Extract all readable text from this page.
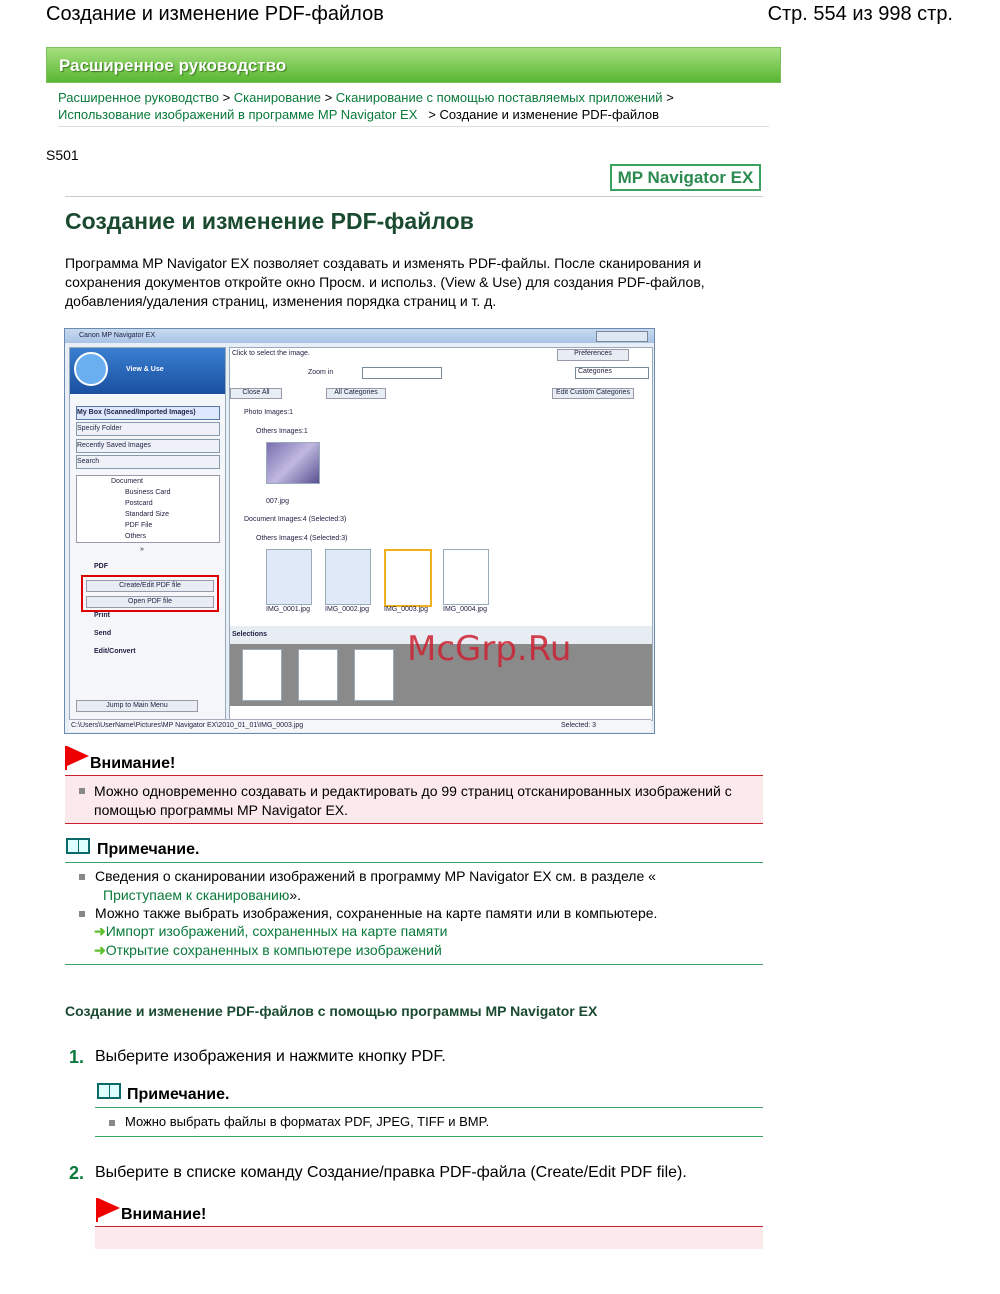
Создание и изменение PDF-файлов	Стр. 554 из 998 стр.
Расширенное руководство
Расширенное руководство > Сканирование > Сканирование с помощью поставляемых приложений >
Использование изображений в программе MP Navigator EX > Создание и изменение PDF-файлов
S501
MP Navigator EX
Создание и изменение PDF-файлов
Программа MP Navigator EX позволяет создавать и изменять PDF-файлы. После сканирования и сохранения документов откройте окно Просм. и использ. (View & Use) для создания PDF-файлов, добавления/удаления страниц, изменения порядка страниц и т. д.
Canon MP Navigator EX
View & Use
My Box (Scanned/Imported Images)
Specify Folder
Recently Saved Images
Search
Document
Business Card
Postcard
Standard Size
PDF File
Others
»
PDF
Create/Edit PDF file
Open PDF file
Print
Send
Edit/Convert
Jump to Main Menu
Click to select the image.	Preferences
Zoom in	Categories
Close All	All Categories	Edit Custom Categories
Photo Images:1
Others Images:1
007.jpg
Document Images:4 (Selected:3)
Others Images:4 (Selected:3)
IMG_0001.jpg IMG_0002.jpg IMG_0003.jpg IMG_0004.jpg
Selections
C:\Users\UserName\Pictures\MP Navigator EX\2010_01_01\IMG_0003.jpg	Selected: 3
McGrp.Ru
Внимание!
Можно одновременно создавать и редактировать до 99 страниц отсканированных изображений с помощью программы MP Navigator EX.
Примечание.
Сведения о сканировании изображений в программу MP Navigator EX см. в разделе «
Приступаем к сканированию».
Можно также выбрать изображения, сохраненные на карте памяти или в компьютере.
➜Импорт изображений, сохраненных на карте памяти
➜Открытие сохраненных в компьютере изображений
Создание и изменение PDF-файлов с помощью программы MP Navigator EX
1. Выберите изображения и нажмите кнопку PDF.
Примечание.
Можно выбрать файлы в форматах PDF, JPEG, TIFF и BMP.
2. Выберите в списке команду Создание/правка PDF-файла (Create/Edit PDF file).
Внимание!
